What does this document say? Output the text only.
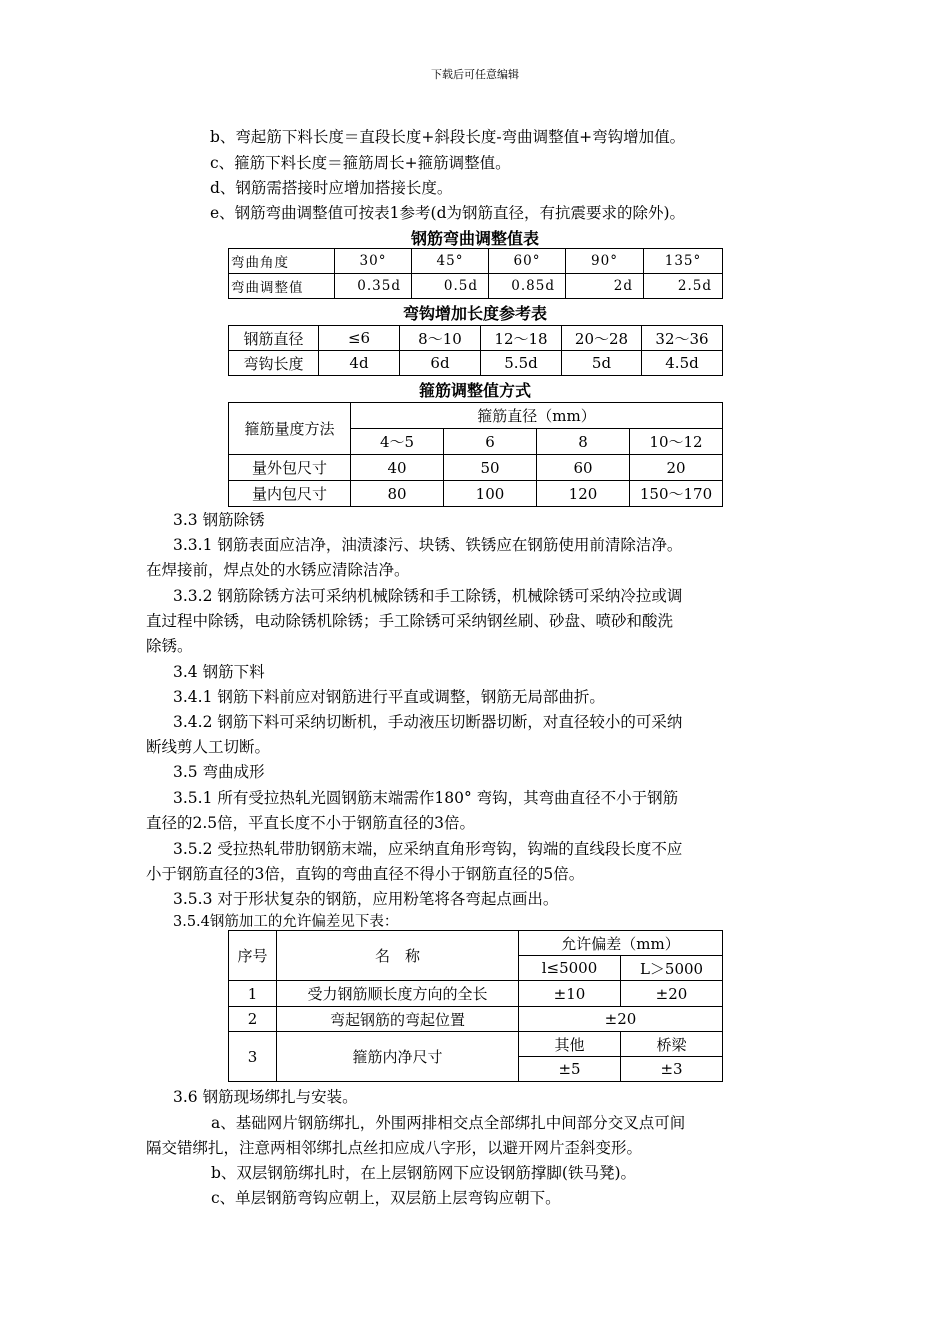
下载后可任意编辑
b、弯起筋下料长度＝直段长度+斜段长度-弯曲调整值+弯钩增加值。
c、箍筋下料长度＝箍筋周长+箍筋调整值。
d、钢筋需搭接时应增加搭接长度。
e、钢筋弯曲调整值可按表1参考(d为钢筋直径，有抗震要求的除外)。
钢筋弯曲调整值表
弯曲角度	30°	45°	60°	90°	135°
弯曲调整值	0.35d	0.5d	0.85d	2d	2.5d
弯钩增加长度参考表
钢筋直径	≤6	8～10	12～18	20～28	32～36
弯钩长度	4d	6d	5.5d	5d	4.5d
箍筋调整值方式
箍筋量度方法	箍筋直径（mm）			
	4～5	6	8	10～12
量外包尺寸	40	50	60	20
量内包尺寸	80	100	120	150～170
3.3 钢筋除锈
3.3.1 钢筋表面应洁净，油渍漆污、块锈、铁锈应在钢筋使用前清除洁净。
在焊接前，焊点处的水锈应清除洁净。
3.3.2 钢筋除锈方法可采纳机械除锈和手工除锈，机械除锈可采纳冷拉或调
直过程中除锈，电动除锈机除锈；手工除锈可采纳钢丝刷、砂盘、喷砂和酸洗
除锈。
3.4 钢筋下料
3.4.1 钢筋下料前应对钢筋进行平直或调整，钢筋无局部曲折。
3.4.2 钢筋下料可采纳切断机，手动液压切断器切断，对直径较小的可采纳
断线剪人工切断。
3.5 弯曲成形
3.5.1 所有受拉热轧光圆钢筋末端需作180° 弯钩，其弯曲直径不小于钢筋
直径的2.5倍，平直长度不小于钢筋直径的3倍。
3.5.2 受拉热轧带肋钢筋末端，应采纳直角形弯钩，钩端的直线段长度不应
小于钢筋直径的3倍，直钩的弯曲直径不得小于钢筋直径的5倍。
3.5.3 对于形状复杂的钢筋，应用粉笔将各弯起点画出。
3.5.4钢筋加工的允许偏差见下表：
序号	名　称	允许偏差（mm）	
		l≤5000	L＞5000
1	受力钢筋顺长度方向的全长	±10	±20
2	弯起钢筋的弯起位置	±20	
3	箍筋内净尺寸	其他	桥梁
		±5	±3
3.6 钢筋现场绑扎与安装。
a、基础网片钢筋绑扎，外围两排相交点全部绑扎中间部分交叉点可间
隔交错绑扎，注意两相邻绑扎点丝扣应成八字形，以避开网片歪斜变形。
b、双层钢筋绑扎时，在上层钢筋网下应设钢筋撑脚(铁马凳)。
c、单层钢筋弯钩应朝上，双层筋上层弯钩应朝下。
